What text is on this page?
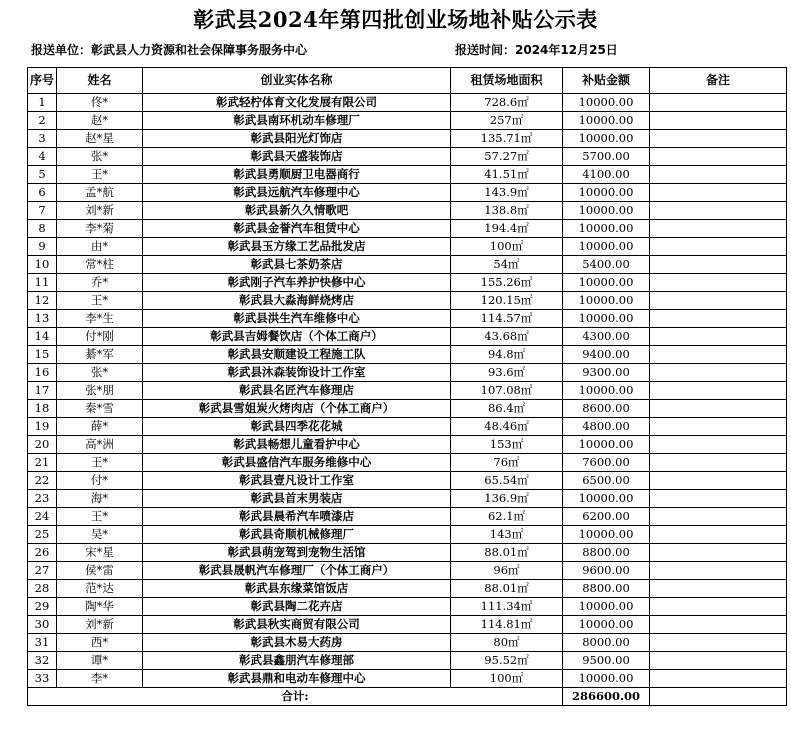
彰武县2024年第四批创业场地补贴公示表
报送单位：彰武县人力资源和社会保障事务服务中心	报送时间：2024年12月25日
序号	姓名	创业实体名称	租赁场地面积	补贴金额	备注
1	佟*	彰武轻柠体育文化发展有限公司	728.6㎡	10000.00	
2	赵*	彰武县南环机动车修理厂	257㎡	10000.00	
3	赵*星	彰武县阳光灯饰店	135.71㎡	10000.00	
4	张*	彰武县天盛装饰店	57.27㎡	5700.00	
5	王*	彰武县勇顺厨卫电器商行	41.51㎡	4100.00	
6	孟*航	彰武县远航汽车修理中心	143.9㎡	10000.00	
7	刘*新	彰武县新久久情歌吧	138.8㎡	10000.00	
8	李*菊	彰武县金誉汽车租赁中心	194.4㎡	10000.00	
9	由*	彰武县玉方缘工艺品批发店	100㎡	10000.00	
10	常*柱	彰武县七茶奶茶店	54㎡	5400.00	
11	乔*	彰武刚子汽车养护快修中心	155.26㎡	10000.00	
12	王*	彰武县大淼海鲜烧烤店	120.15㎡	10000.00	
13	李*生	彰武县洪生汽车维修中心	114.57㎡	10000.00	
14	付*刚	彰武县吉姆餐饮店（个体工商户）	43.68㎡	4300.00	
15	綦*军	彰武县安顺建设工程施工队	94.8㎡	9400.00	
16	张*	彰武县沐森装饰设计工作室	93.6㎡	9300.00	
17	张*朋	彰武县名匠汽车修理店	107.08㎡	10000.00	
18	秦*雪	彰武县雪姐炭火烤肉店（个体工商户）	86.4㎡	8600.00	
19	薛*	彰武县四季花花城	48.46㎡	4800.00	
20	高*洲	彰武县畅想儿童看护中心	153㎡	10000.00	
21	王*	彰武县盛信汽车服务维修中心	76㎡	7600.00	
22	付*	彰武县壹凡设计工作室	65.54㎡	6500.00	
23	海*	彰武县首末男装店	136.9㎡	10000.00	
24	王*	彰武县晨希汽车喷漆店	62.1㎡	6200.00	
25	吴*	彰武县奇顺机械修理厂	143㎡	10000.00	
26	宋*星	彰武县萌宠驾到宠物生活馆	88.01㎡	8800.00	
27	侯*雷	彰武县晟帆汽车修理厂（个体工商户）	96㎡	9600.00	
28	范*达	彰武县东缘菜馆饭店	88.01㎡	8800.00	
29	陶*华	彰武县陶二花卉店	111.34㎡	10000.00	
30	刘*新	彰武县秋实商贸有限公司	114.81㎡	10000.00	
31	西*	彰武县木易大药房	80㎡	8000.00	
32	谭*	彰武县鑫朋汽车修理部	95.52㎡	9500.00	
33	李*	彰武县鼎和电动车修理中心	100㎡	10000.00	
合计:				286600.00	
